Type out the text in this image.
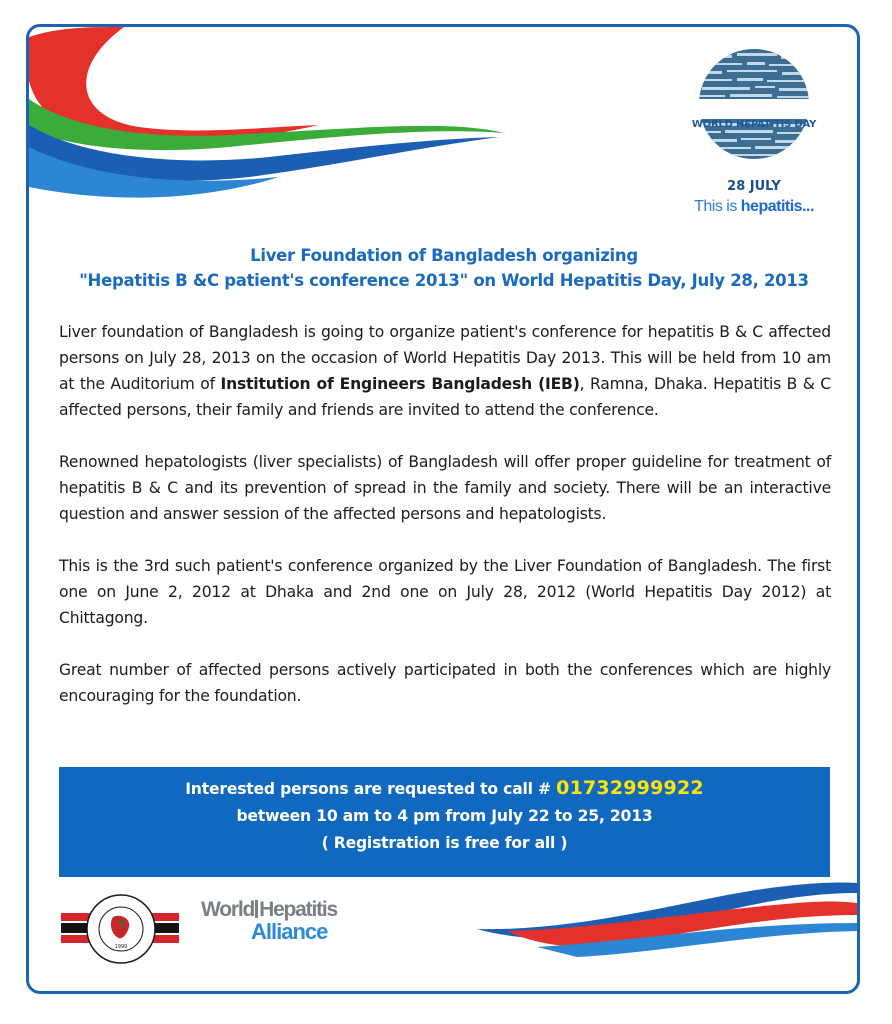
WORLD HEPATITIS DAY
28 JULY
This is hepatitis...
Liver Foundation of Bangladesh organizing
"Hepatitis B &C patient's conference 2013" on World Hepatitis Day, July 28, 2013

Liver foundation of Bangladesh is going to organize patient's conference for hepatitis B & C affected persons on July 28, 2013 on the occasion of World Hepatitis Day 2013. This will be held from 10 am at the Auditorium of Institution of Engineers Bangladesh (IEB), Ramna, Dhaka. Hepatitis B & C affected persons, their family and friends are invited to attend the conference.

Renowned hepatologists (liver specialists) of Bangladesh will offer proper guideline for treatment of hepatitis B & C and its prevention of spread in the family and society. There will be an interactive question and answer session of the affected persons and hepatologists.

This is the 3rd such patient's conference organized by the Liver Foundation of Bangladesh. The first one on June 2, 2012 at Dhaka and 2nd one on July 28, 2012 (World Hepatitis Day 2012) at Chittagong.

Great number of affected persons actively participated in both the conferences which are highly encouraging for the foundation.

Interested persons are requested to call # 01732999922
between 10 am to 4 pm from July 22 to 25, 2013
( Registration is free for all )
1999
World Hepatitis
Alliance
